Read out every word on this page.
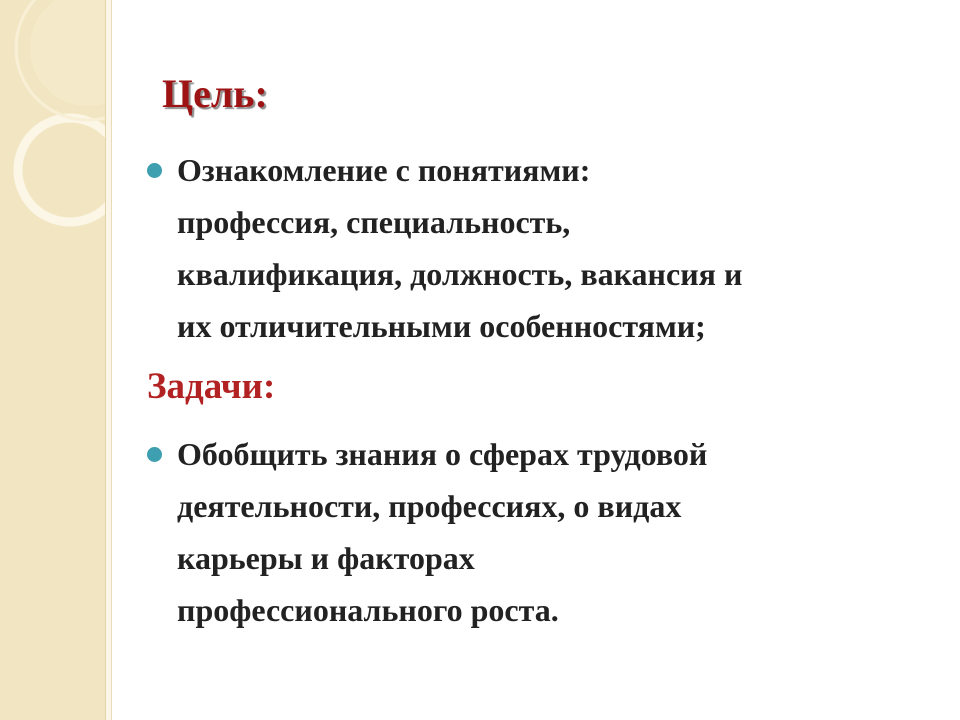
Цель:
Ознакомление с понятиями:
профессия, специальность,
квалификация, должность, вакансия и
их отличительными особенностями;
Задачи:
Обобщить знания о сферах трудовой
деятельности, профессиях, о видах
карьеры и факторах
профессионального роста.
